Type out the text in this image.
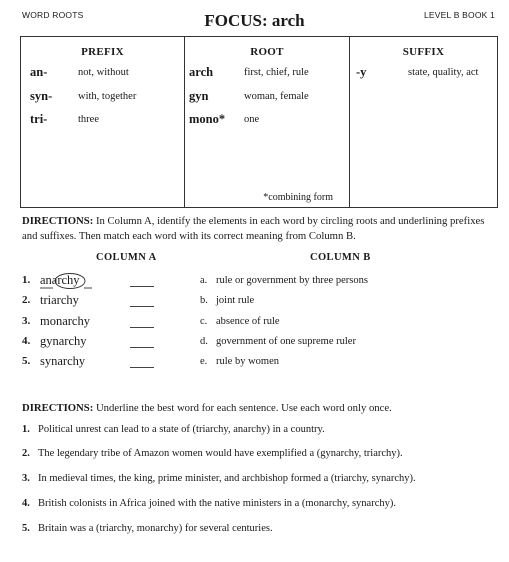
WORD ROOTS	FOCUS: arch	LEVEL B BOOK 1
PREFIX
an-	not, without
syn- with, together
tri-	three
ROOT
arch	first, chief, rule
gyn	woman, female
mono* one
*combining form
SUFFIX
-y	state, quality, act
DIRECTIONS: In Column A, identify the elements in each word by circling roots and underlining prefixes and suffixes. Then match each word with its correct meaning from Column B.
COLUMN A	COLUMN B
1. anarchy	a. rule or government by three persons
2. triarchy	b. joint rule
3. monarchy	c. absence of rule
4. gynarchy	d. government of one supreme ruler
5. synarchy	e. rule by women
DIRECTIONS: Underline the best word for each sentence. Use each word only once.
1. Political unrest can lead to a state of (triarchy, anarchy) in a country.
2. The legendary tribe of Amazon women would have exemplified a (gynarchy, triarchy).
3. In medieval times, the king, prime minister, and archbishop formed a (triarchy, synarchy).
4. British colonists in Africa joined with the native ministers in a (monarchy, synarchy).
5. Britain was a (triarchy, monarchy) for several centuries.
